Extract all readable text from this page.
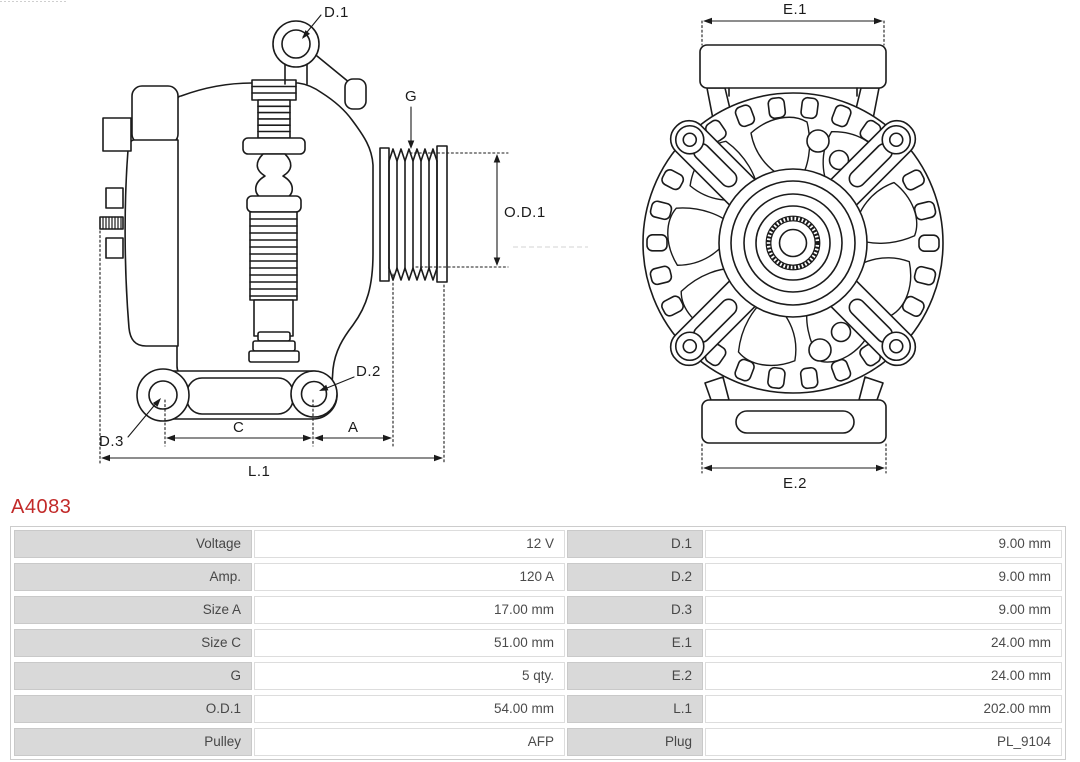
D.1
G
O.D.1
D.3
D.2
C	A
L.1
E.1
E.2
A4083
Voltage	12 V	D.1	9.00 mm
Amp.	120 A	D.2	9.00 mm
Size A	17.00 mm	D.3	9.00 mm
Size C	51.00 mm	E.1	24.00 mm
G	5 qty.	E.2	24.00 mm
O.D.1	54.00 mm	L.1	202.00 mm
Pulley	AFP	Plug	PL_9104
